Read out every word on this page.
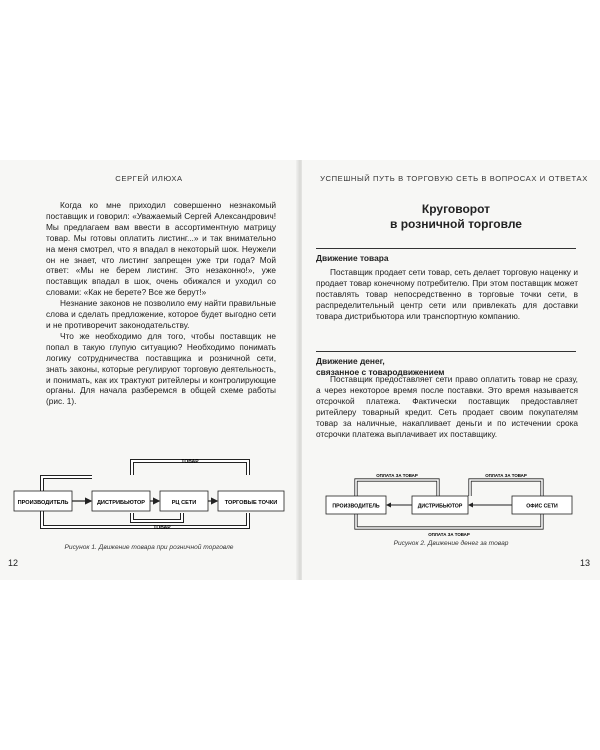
СЕРГЕЙ ИЛЮХА

Когда ко мне приходил совершенно незнакомый поставщик и говорил: «Уважаемый Сергей Александрович! Мы предлагаем вам ввести в ассортиментную матрицу товар. Мы готовы оплатить листинг...» и так внимательно на меня смотрел, что я впадал в некоторый шок. Неужели он не знает, что листинг запрещен уже три года? Мой ответ: «Мы не берем листинг. Это незаконно!», уже поставщик впадал в шок, очень обижался и уходил со словами: «Как не берете? Все же берут!»

Незнание законов не позволило ему найти правильные слова и сделать предложение, которое будет выгодно сети и не противоречит законодательству.

Что же необходимо для того, чтобы поставщик не попал в такую глупую ситуацию? Необходимо понимать логику сотрудничества поставщика и розничной сети, знать законы, которые регулируют торговую деятельность, и понимать, как их трактуют ритейлеры и контролирующие органы. Для начала разберемся в общей схеме работы (рис. 1).

ТОВАР
ТОВАР
ПРОИЗВОДИТЕЛЬ	ДИСТРИБЬЮТОР	РЦ СЕТИ	ТОРГОВЫЕ ТОЧКИ
Рисунок 1. Движение товара при розничной торговле
12
УСПЕШНЫЙ ПУТЬ В ТОРГОВУЮ СЕТЬ В ВОПРОСАХ И ОТВЕТАХ
Круговорот
в розничной торговле
Движение товара

Поставщик продает сети товар, сеть делает торговую наценку и продает товар конечному потребителю. При этом поставщик может поставлять товар непосредственно в торговые точки сети, в распределительный центр сети или привлекать для доставки товара дистрибьютора или транспортную компанию.

Движение денег,
связанное с товародвижением

Поставщик предоставляет сети право оплатить товар не сразу, а через некоторое время после поставки. Это время называется отсрочкой платежа. Фактически поставщик предоставляет ритейлеру товарный кредит. Сеть продает своим покупателям товар за наличные, накапливает деньги и по истечении срока отсрочки платежа выплачивает их поставщику.

ОПЛАТА ЗА ТОВАР	ОПЛАТА ЗА ТОВАР
ОПЛАТА ЗА ТОВАР
ПРОИЗВОДИТЕЛЬ	ДИСТРИБЬЮТОР	ОФИС СЕТИ
Рисунок 2. Движение денег за товар
13
